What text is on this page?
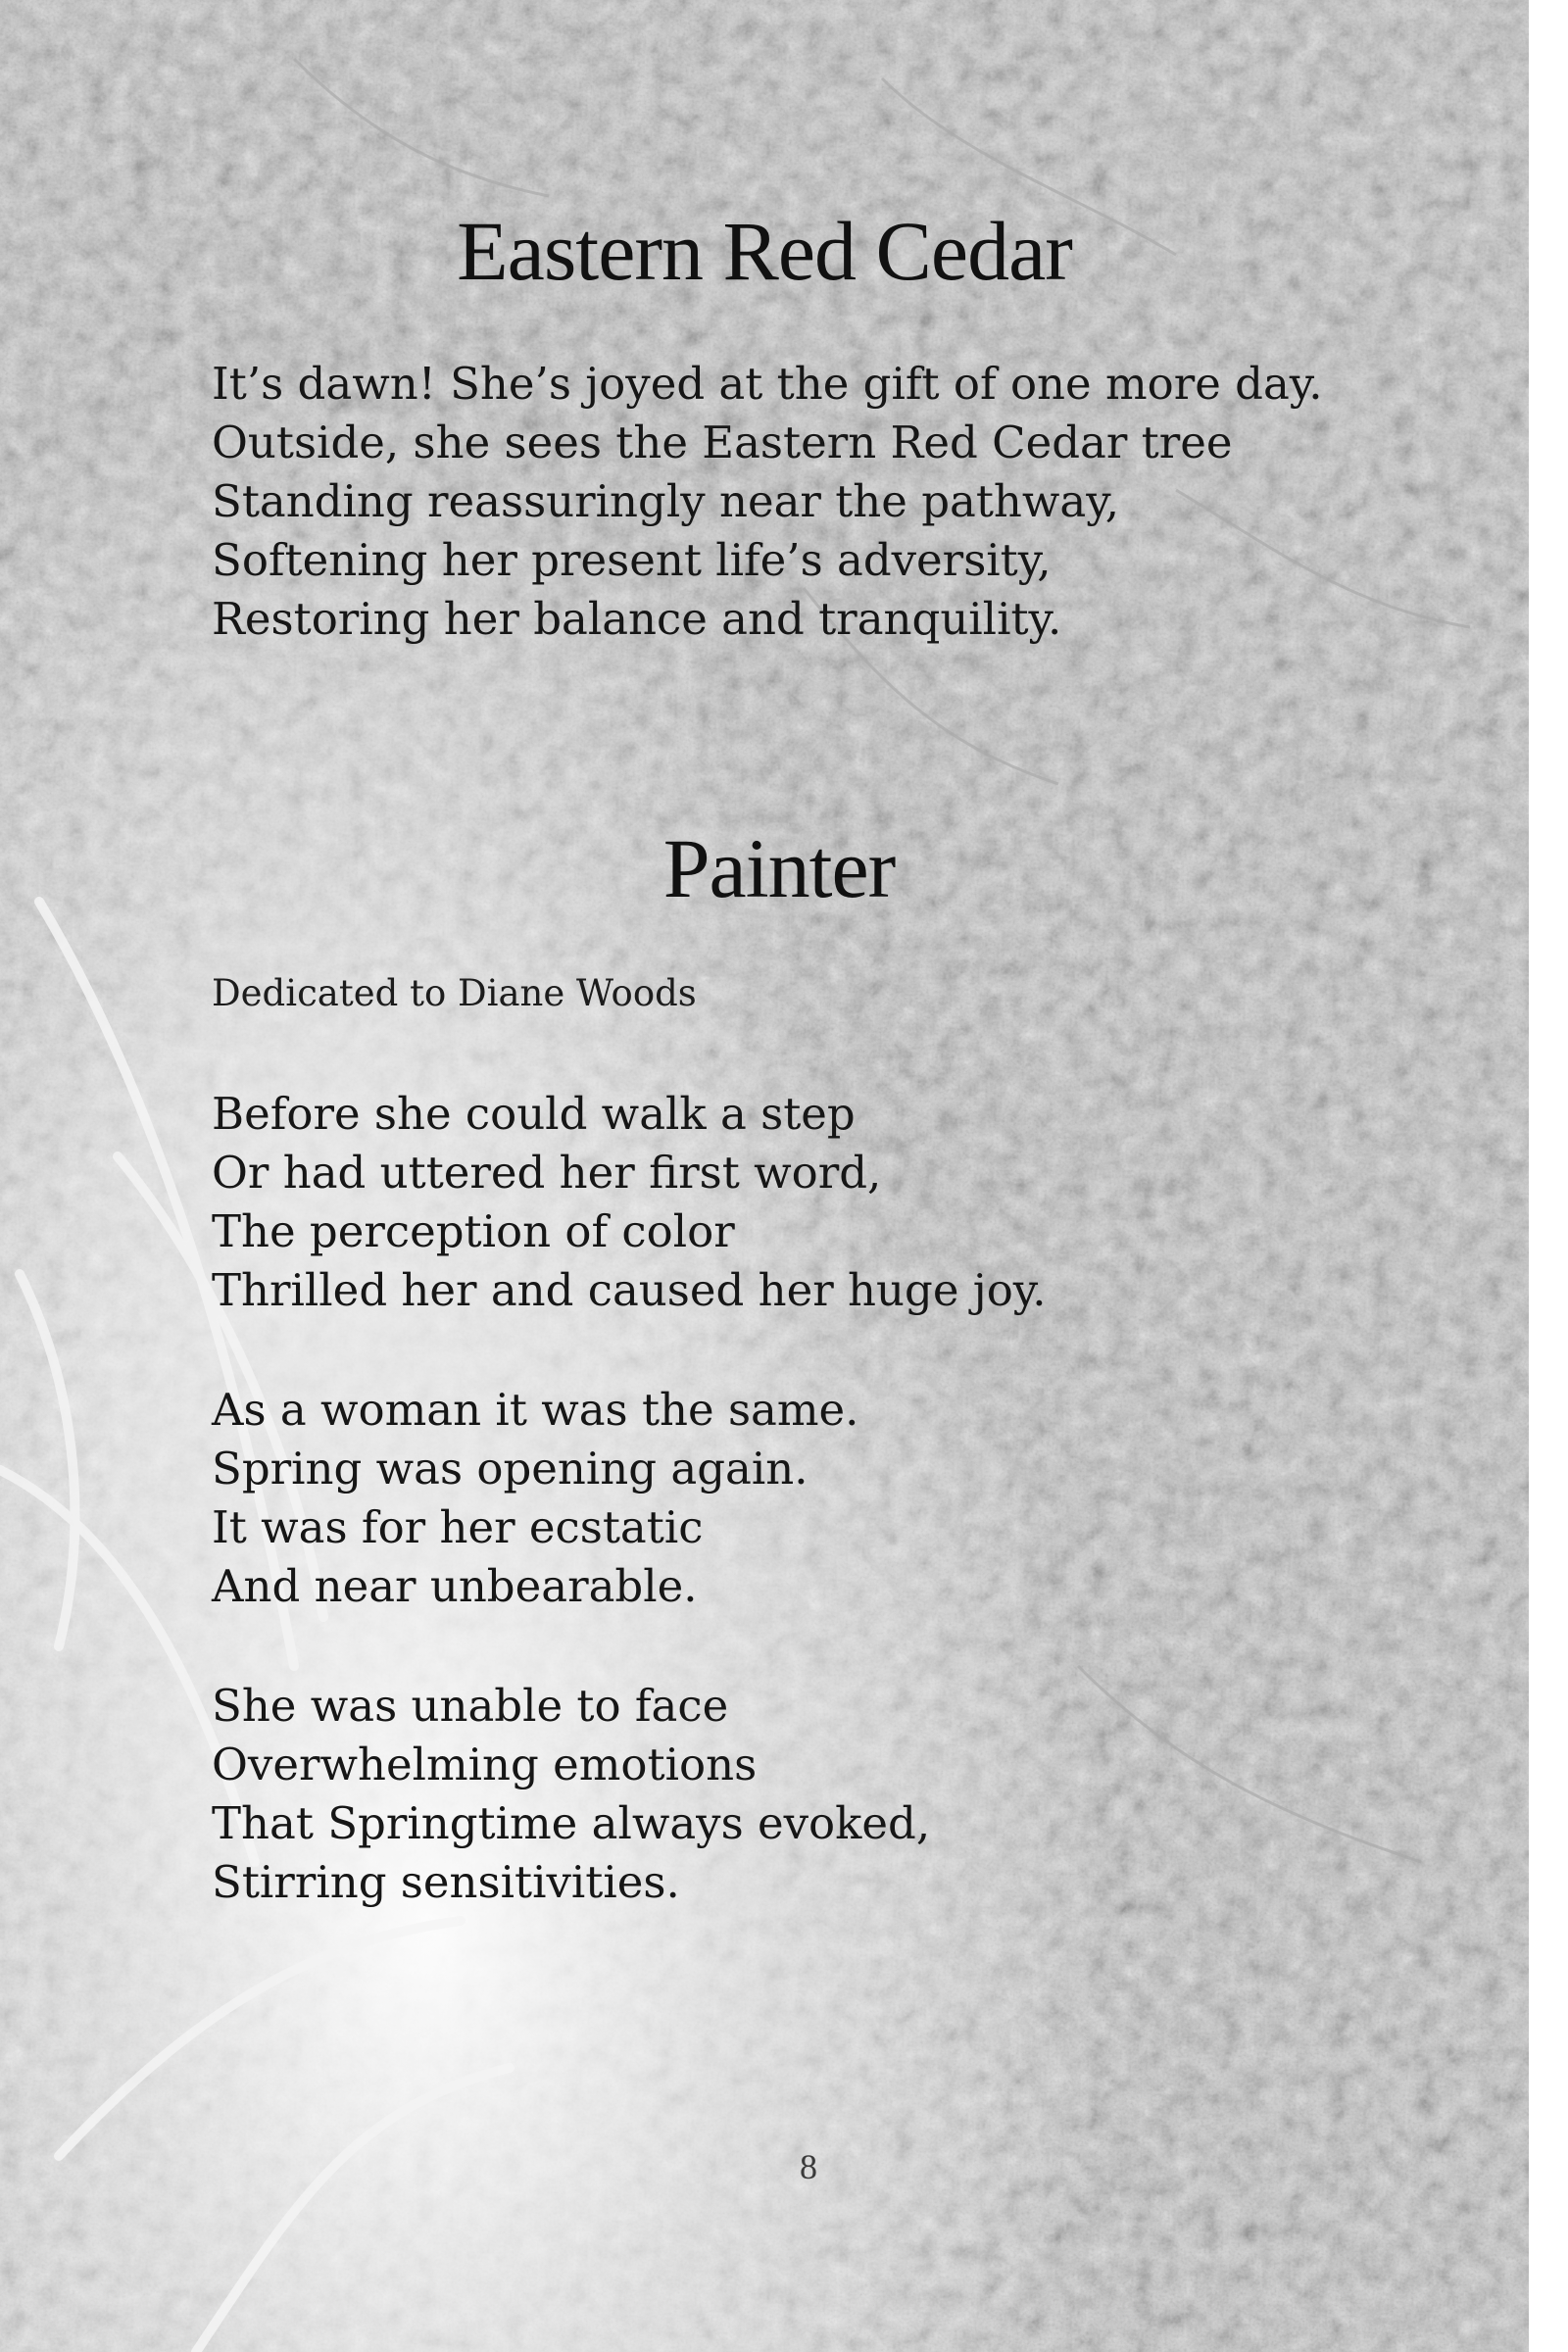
Eastern Red Cedar
It’s dawn! She’s joyed at the gift of one more day.
Outside, she sees the Eastern Red Cedar tree
Standing reassuringly near the pathway,
Softening her present life’s adversity,
Restoring her balance and tranquility.
Painter
Dedicated to Diane Woods
Before she could walk a step
Or had uttered her first word,
The perception of color
Thrilled her and caused her huge joy.
As a woman it was the same.
Spring was opening again.
It was for her ecstatic
And near unbearable.
She was unable to face
Overwhelming emotions
That Springtime always evoked,
Stirring sensitivities.
8
